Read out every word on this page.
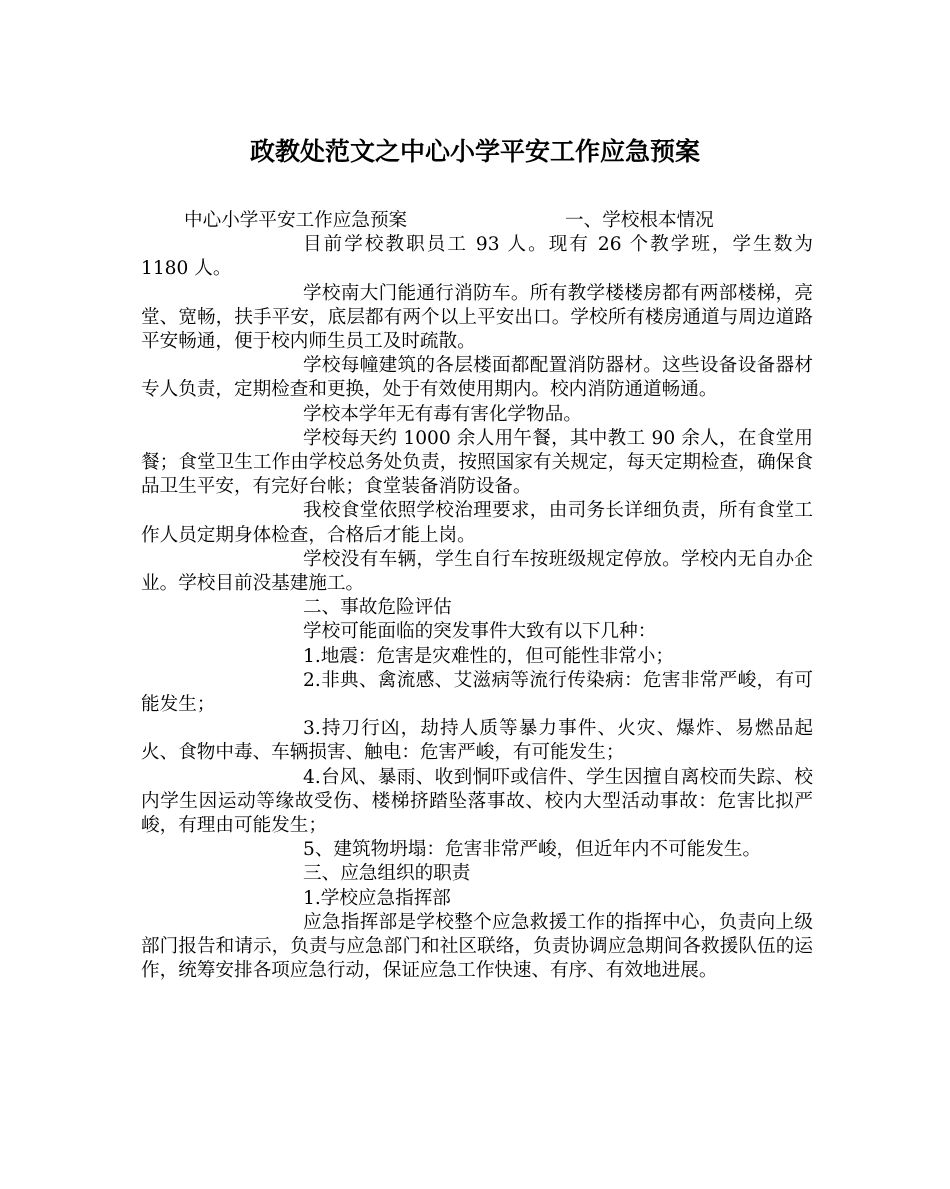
政教处范文之中心小学平安工作应急预案
中心小学平安工作应急预案	一、学校根本情况

目前学校教职员工 93 人。现有 26 个教学班，学生数为 1180 人。

学校南大门能通行消防车。所有教学楼楼房都有两部楼梯，亮堂、宽畅，扶手平安，底层都有两个以上平安出口。学校所有楼房通道与周边道路平安畅通，便于校内师生员工及时疏散。

学校每幢建筑的各层楼面都配置消防器材。这些设备设备器材专人负责，定期检查和更换，处于有效使用期内。校内消防通道畅通。

学校本学年无有毒有害化学物品。

学校每天约 1000 余人用午餐，其中教工 90 余人，在食堂用餐；食堂卫生工作由学校总务处负责，按照国家有关规定，每天定期检查，确保食品卫生平安，有完好台帐；食堂装备消防设备。

我校食堂依照学校治理要求，由司务长详细负责，所有食堂工作人员定期身体检查，合格后才能上岗。

学校没有车辆，学生自行车按班级规定停放。学校内无自办企业。学校目前没基建施工。

二、事故危险评估

学校可能面临的突发事件大致有以下几种：

1.地震：危害是灾难性的，但可能性非常小；

2.非典、禽流感、艾滋病等流行传染病：危害非常严峻，有可能发生；

3.持刀行凶，劫持人质等暴力事件、火灾、爆炸、易燃品起火、食物中毒、车辆损害、触电：危害严峻，有可能发生；

4.台风、暴雨、收到恫吓或信件、学生因擅自离校而失踪、校内学生因运动等缘故受伤、楼梯挤踏坠落事故、校内大型活动事故：危害比拟严峻，有理由可能发生；

5、建筑物坍塌：危害非常严峻，但近年内不可能发生。

三、应急组织的职责

1.学校应急指挥部

应急指挥部是学校整个应急救援工作的指挥中心，负责向上级部门报告和请示，负责与应急部门和社区联络，负责协调应急期间各救援队伍的运作，统筹安排各项应急行动，保证应急工作快速、有序、有效地进展。
